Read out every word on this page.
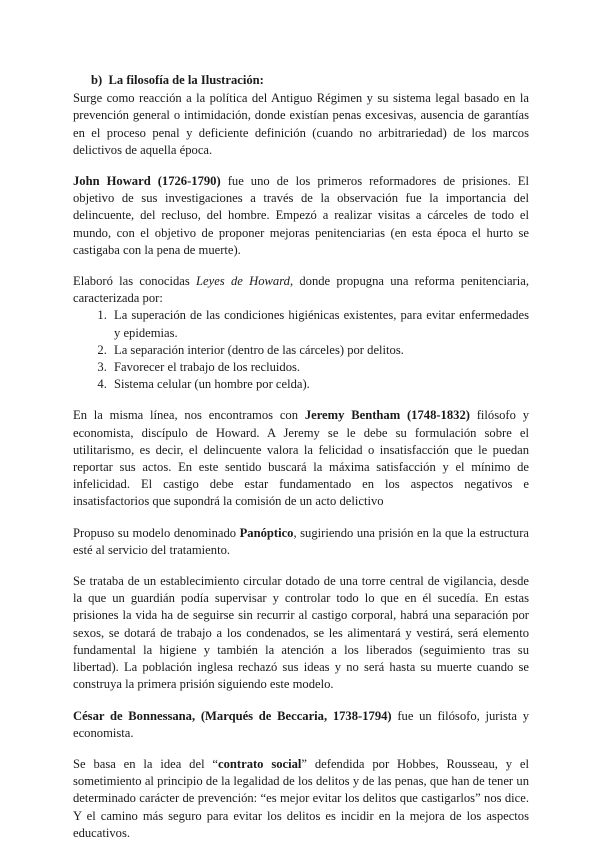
b) La filosofía de la Ilustración:

Surge como reacción a la política del Antiguo Régimen y su sistema legal basado en la prevención general o intimidación, donde existían penas excesivas, ausencia de garantías en el proceso penal y deficiente definición (cuando no arbitrariedad) de los marcos delictivos de aquella época.

John Howard (1726-1790) fue uno de los primeros reformadores de prisiones. El objetivo de sus investigaciones a través de la observación fue la importancia del delincuente, del recluso, del hombre. Empezó a realizar visitas a cárceles de todo el mundo, con el objetivo de proponer mejoras penitenciarias (en esta época el hurto se castigaba con la pena de muerte).

Elaboró las conocidas Leyes de Howard, donde propugna una reforma penitenciaria, caracterizada por:

1. La superación de las condiciones higiénicas existentes, para evitar enfermedades y epidemias.
2. La separación interior (dentro de las cárceles) por delitos.
3. Favorecer el trabajo de los recluidos.
4. Sistema celular (un hombre por celda).

En la misma línea, nos encontramos con Jeremy Bentham (1748-1832) filósofo y economista, discípulo de Howard. A Jeremy se le debe su formulación sobre el utilitarismo, es decir, el delincuente valora la felicidad o insatisfacción que le puedan reportar sus actos. En este sentido buscará la máxima satisfacción y el mínimo de infelicidad. El castigo debe estar fundamentado en los aspectos negativos e insatisfactorios que supondrá la comisión de un acto delictivo

Propuso su modelo denominado Panóptico, sugiriendo una prisión en la que la estructura esté al servicio del tratamiento.

Se trataba de un establecimiento circular dotado de una torre central de vigilancia, desde la que un guardián podía supervisar y controlar todo lo que en él sucedía. En estas prisiones la vida ha de seguirse sin recurrir al castigo corporal, habrá una separación por sexos, se dotará de trabajo a los condenados, se les alimentará y vestirá, será elemento fundamental la higiene y también la atención a los liberados (seguimiento tras su libertad). La población inglesa rechazó sus ideas y no será hasta su muerte cuando se construya la primera prisión siguiendo este modelo.

César de Bonnessana, (Marqués de Beccaria, 1738-1794) fue un filósofo, jurista y economista.

Se basa en la idea del “contrato social” defendida por Hobbes, Rousseau, y el sometimiento al principio de la legalidad de los delitos y de las penas, que han de tener un determinado carácter de prevención: “es mejor evitar los delitos que castigarlos” nos dice. Y el camino más seguro para evitar los delitos es incidir en la mejora de los aspectos educativos.
